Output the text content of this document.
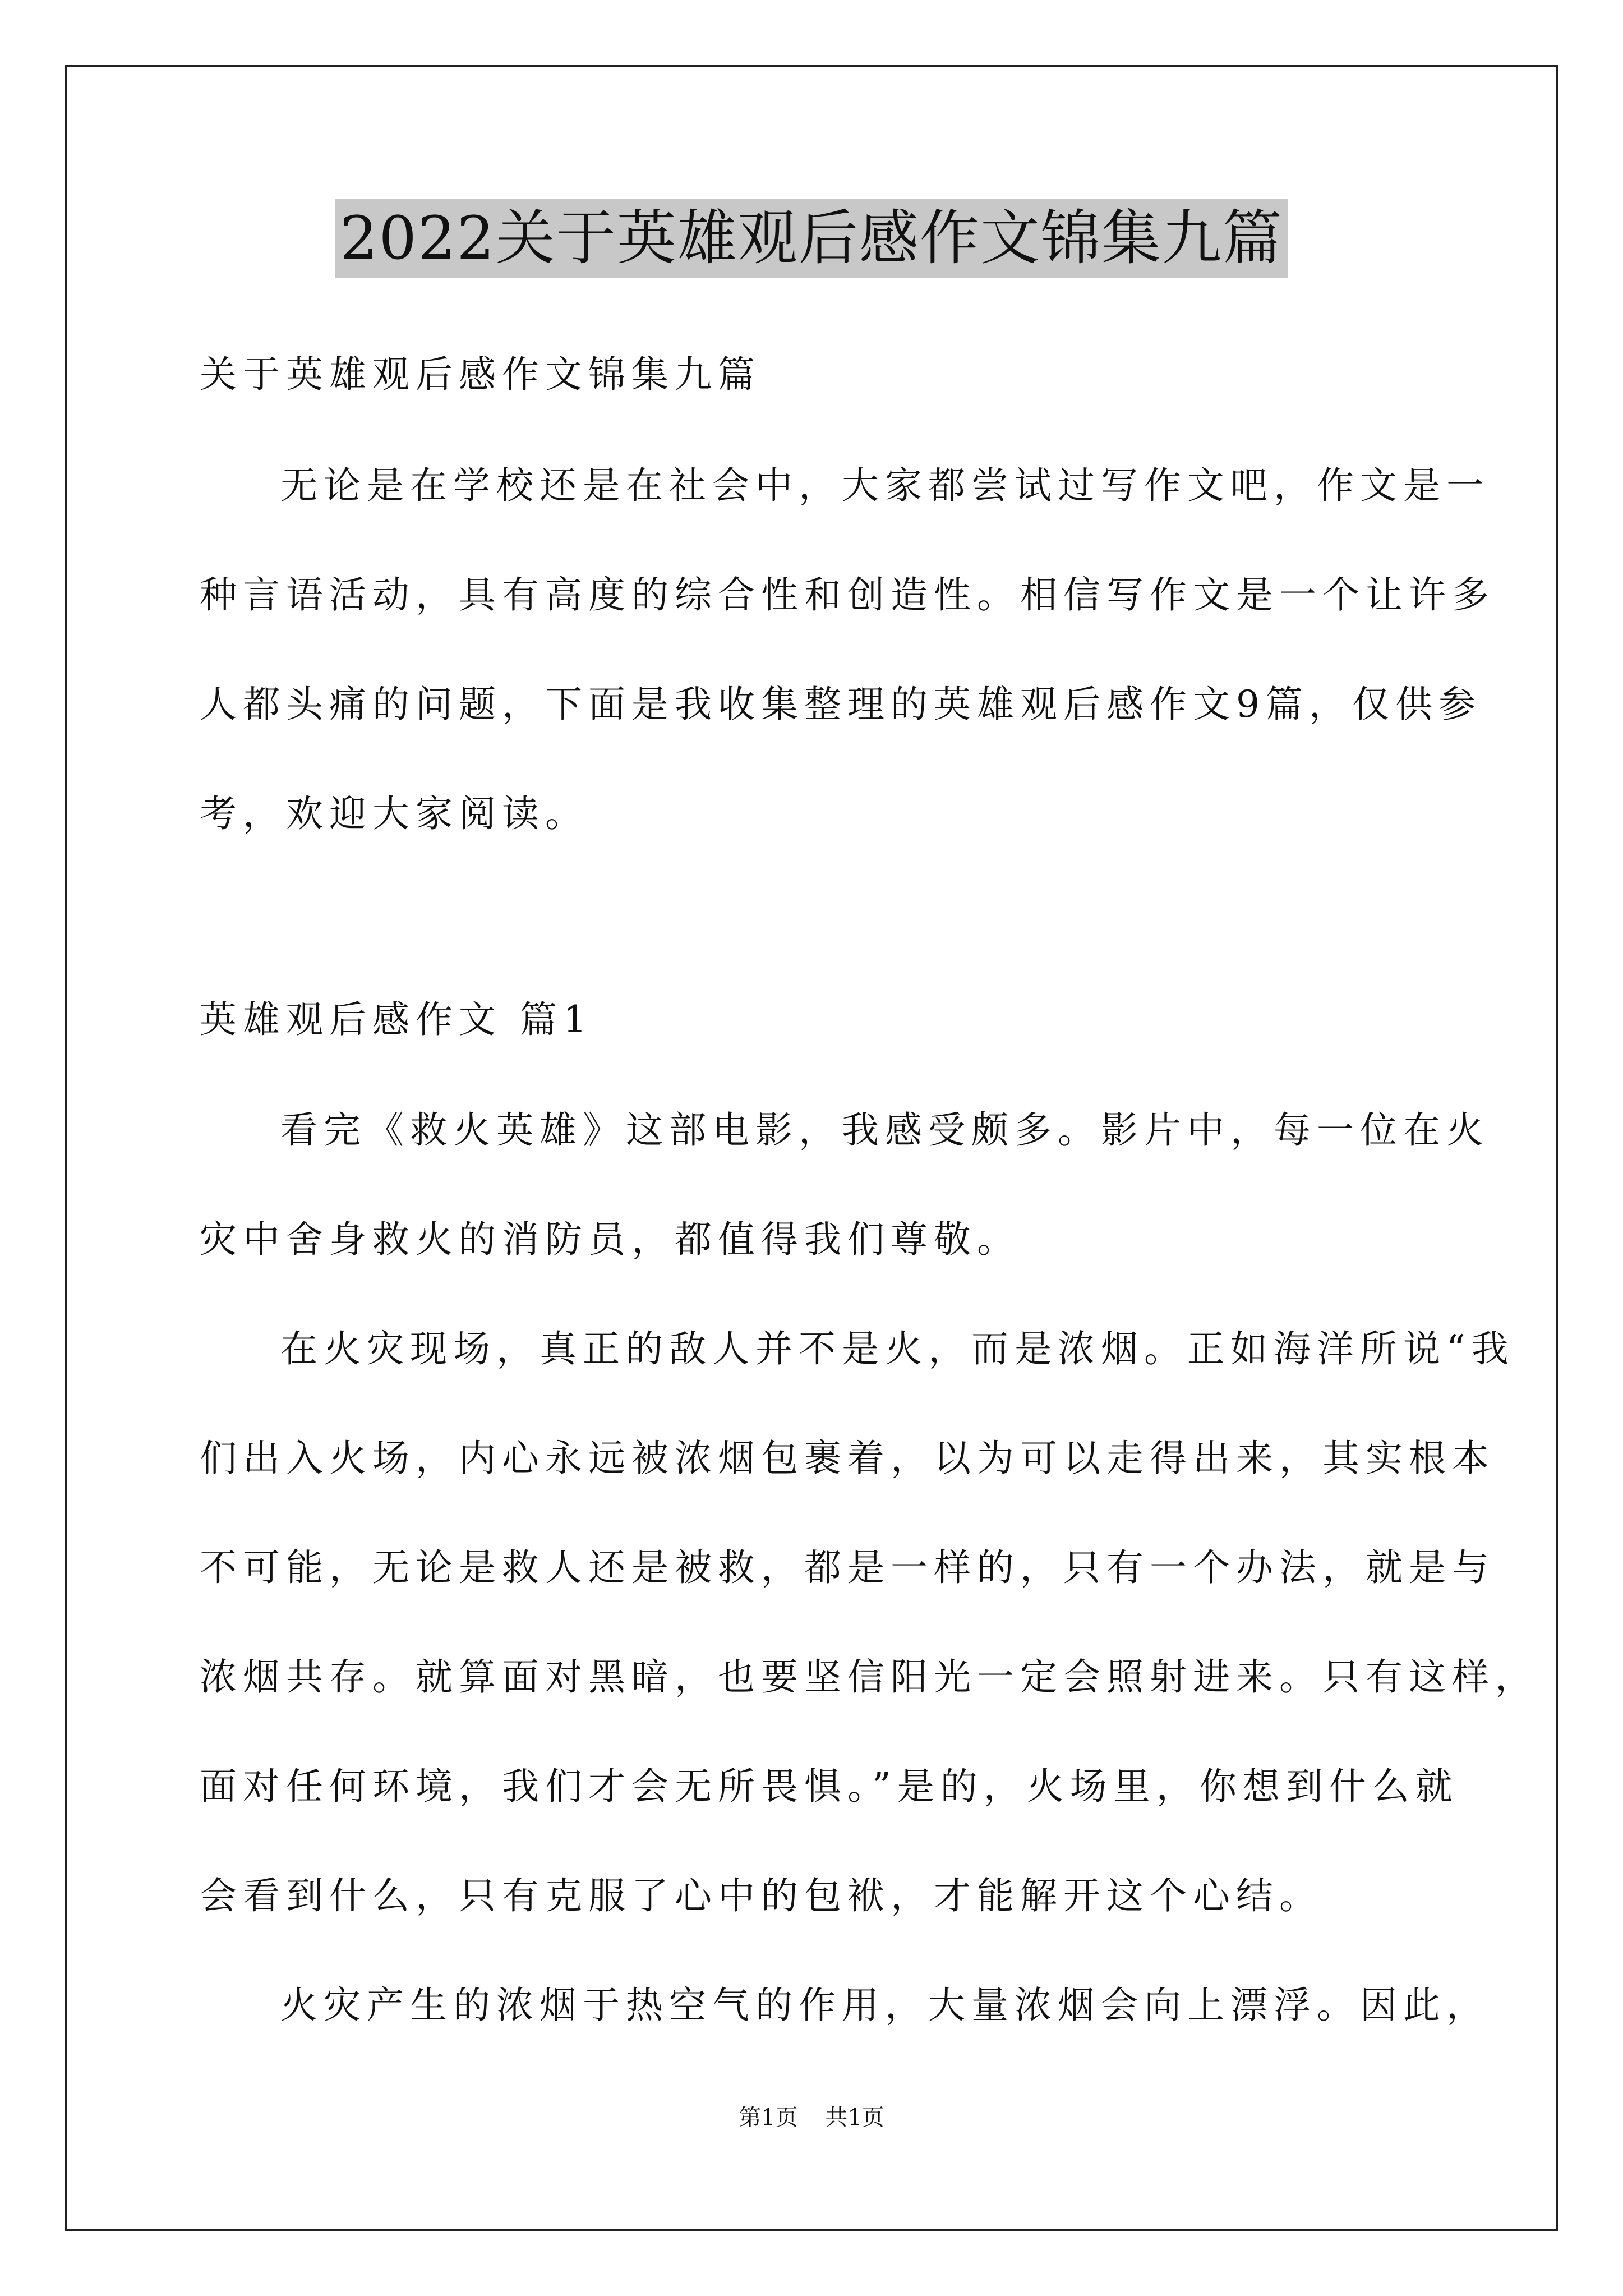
2022关于英雄观后感作文锦集九篇
关于英雄观后感作文锦集九篇
无论是在学校还是在社会中，大家都尝试过写作文吧，作文是一
种言语活动，具有高度的综合性和创造性。相信写作文是一个让许多
人都头痛的问题，下面是我收集整理的英雄观后感作文9篇，仅供参
考，欢迎大家阅读。
英雄观后感作文 篇1
看完《救火英雄》这部电影，我感受颇多。影片中，每一位在火
灾中舍身救火的消防员，都值得我们尊敬。
在火灾现场，真正的敌人并不是火，而是浓烟。正如海洋所说“我
们出入火场，内心永远被浓烟包裹着，以为可以走得出来，其实根本
不可能，无论是救人还是被救，都是一样的，只有一个办法，就是与
浓烟共存。就算面对黑暗，也要坚信阳光一定会照射进来。只有这样，
面对任何环境，我们才会无所畏惧。”是的，火场里，你想到什么就
会看到什么，只有克服了心中的包袱，才能解开这个心结。
火灾产生的浓烟于热空气的作用，大量浓烟会向上漂浮。因此，
第1页 共1页
